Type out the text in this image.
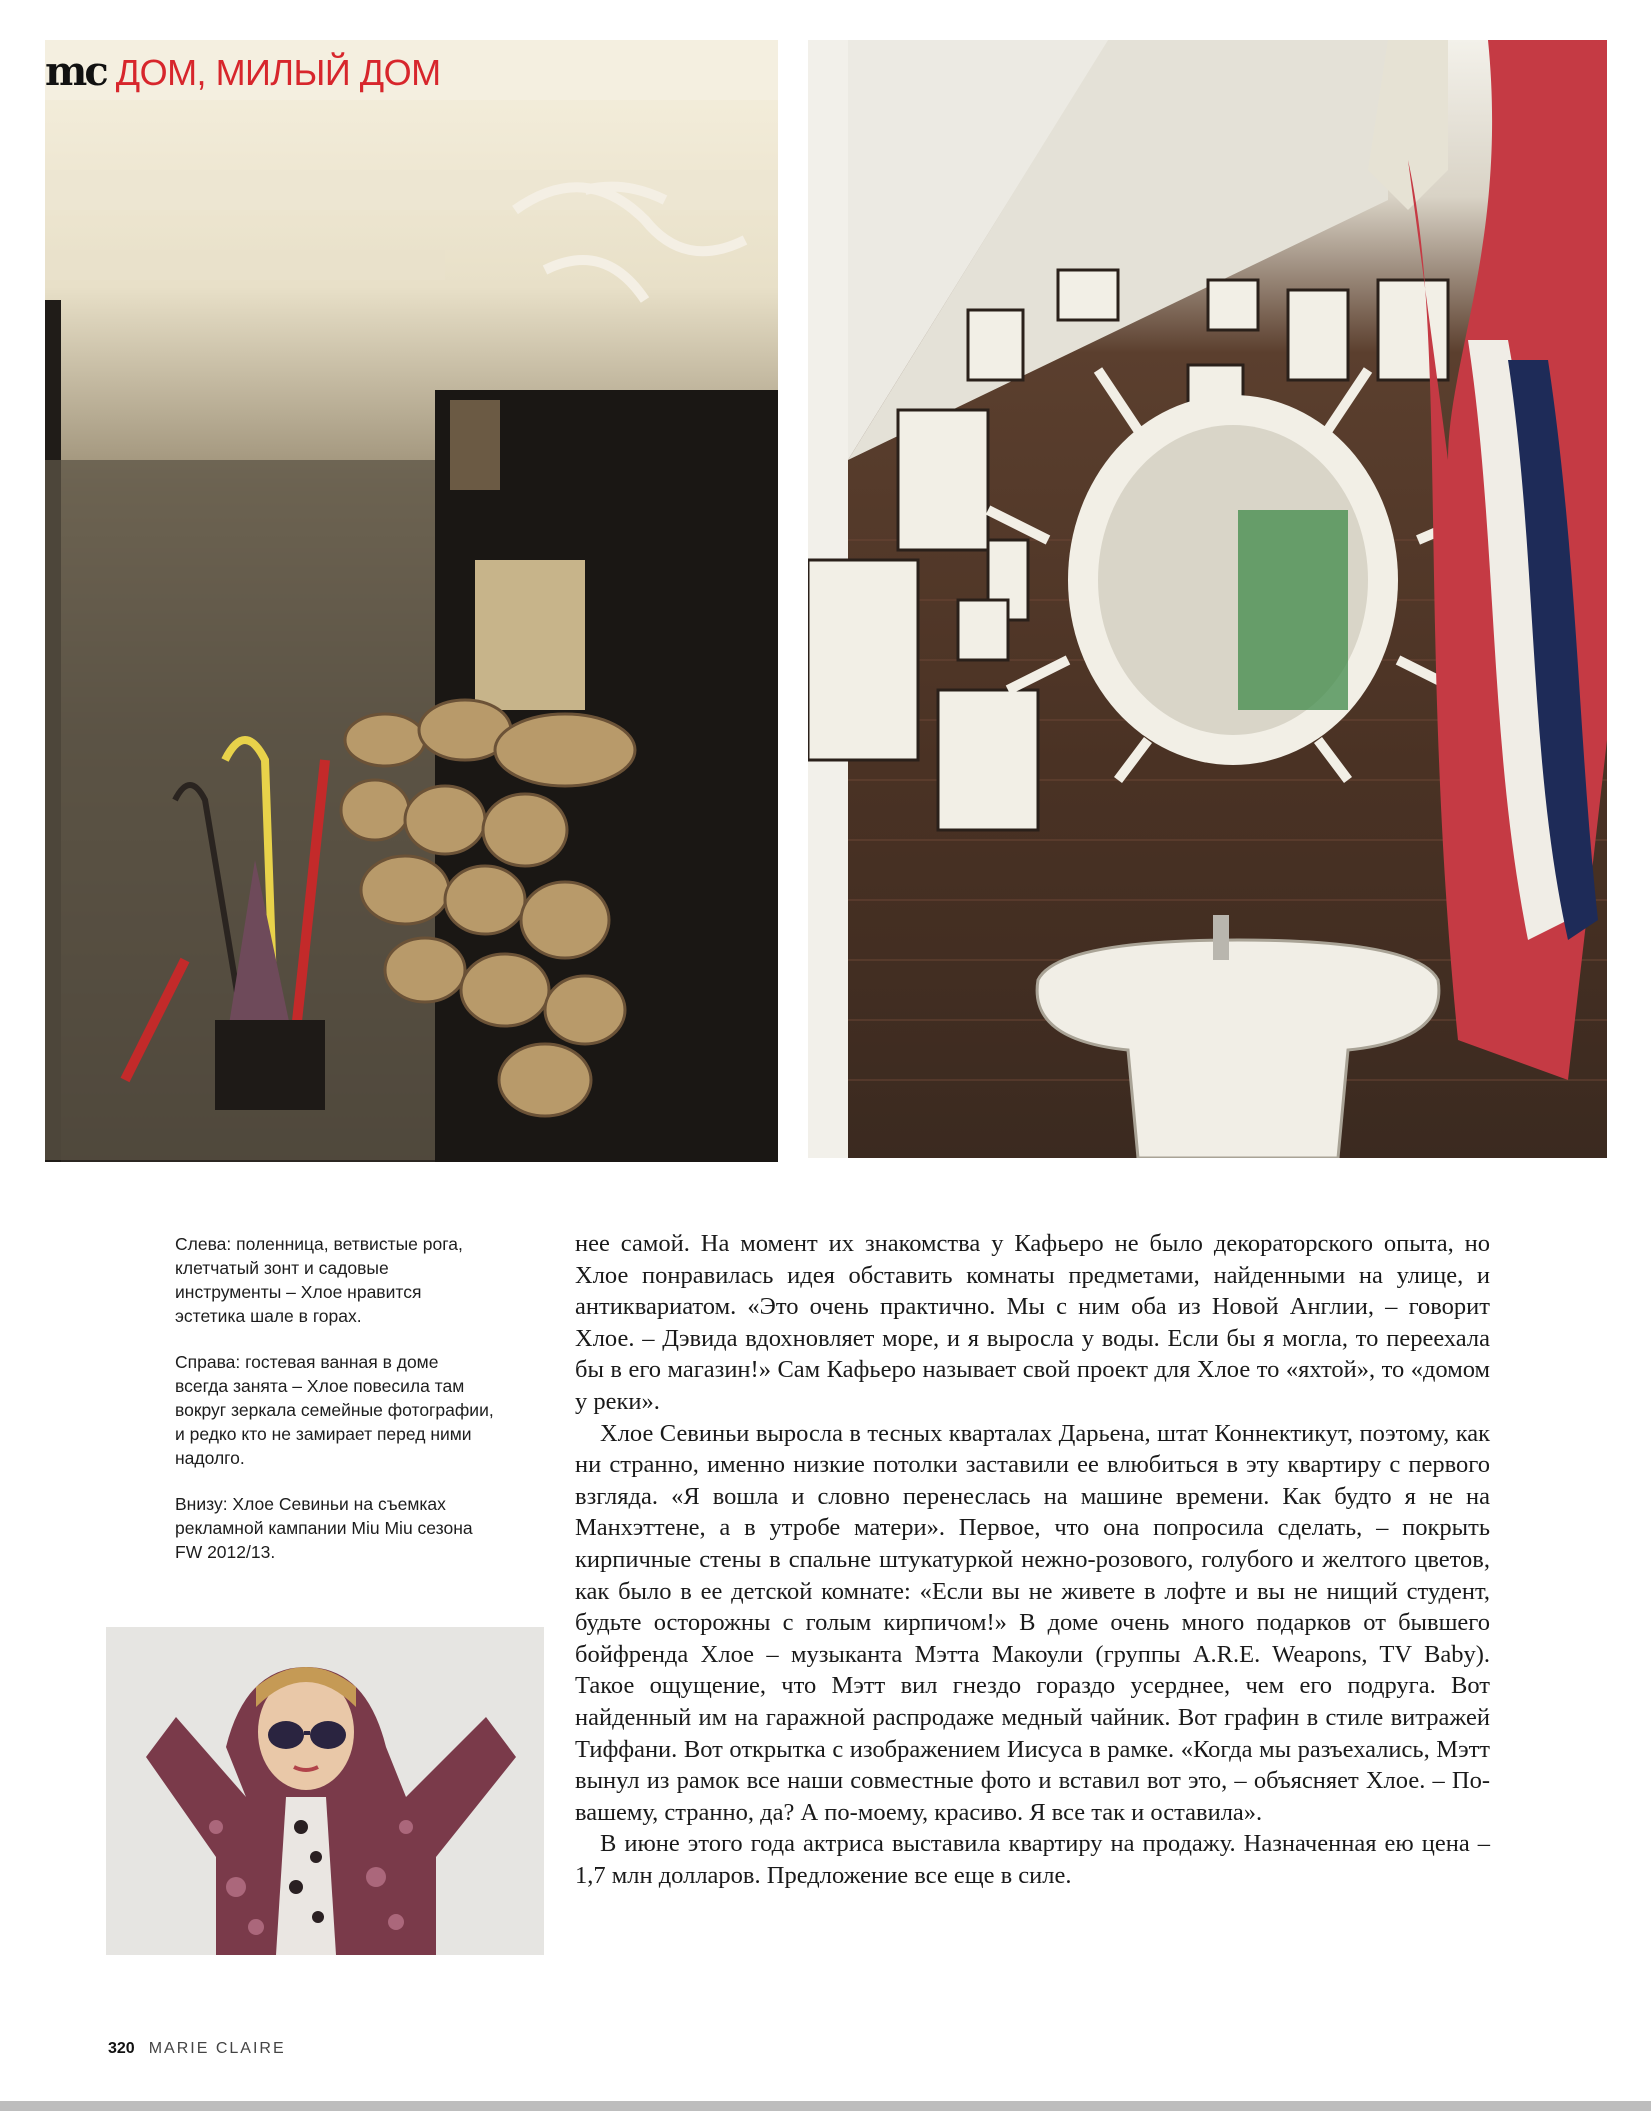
mc ДОМ, МИЛЫЙ ДОМ

Слева: поленница, ветвистые рога, клетчатый зонт и садовые инструменты – Хлое нравится эстетика шале в горах.

Справа: гостевая ванная в доме всегда занята – Хлое повесила там вокруг зеркала семейные фотографии, и редко кто не замирает перед ними надолго.

Внизу: Хлое Севиньи на съемках рекламной кампании Miu Miu сезона FW 2012/13.

нее самой. На момент их знакомства у Кафьеро не было декораторского опыта, но Хлое понравилась идея обставить комнаты предметами, найденными на улице, и антиквариатом. «Это очень практично. Мы с ним оба из Новой Англии, – говорит Хлое. – Дэвида вдохновляет море, и я выросла у воды. Если бы я могла, то переехала бы в его магазин!» Сам Кафьеро называет свой проект для Хлое то «яхтой», то «домом у реки».

Хлое Севиньи выросла в тесных кварталах Дарьена, штат Коннектикут, поэтому, как ни странно, именно низкие потолки заставили ее влюбиться в эту квартиру с первого взгляда. «Я вошла и словно перенеслась на машине времени. Как будто я не на Манхэттене, а в утробе матери». Первое, что она попросила сделать, – покрыть кирпичные стены в спальне штукатуркой нежно-розового, голубого и желтого цветов, как было в ее детской комнате: «Если вы не живете в лофте и вы не нищий студент, будьте осторожны с голым кирпичом!» В доме очень много подарков от бывшего бойфренда Хлое – музыканта Мэтта Макоули (группы A.R.E. Weapons, TV Baby). Такое ощущение, что Мэтт вил гнездо гораздо усерднее, чем его подруга. Вот найденный им на гаражной распродаже медный чайник. Вот графин в стиле витражей Тиффани. Вот открытка с изображением Иисуса в рамке. «Когда мы разъехались, Мэтт вынул из рамок все наши совместные фото и вставил вот это, – объясняет Хлое. – По-вашему, странно, да? А по-моему, красиво. Я все так и оставила».

В июне этого года актриса выставила квартиру на продажу. Назначенная ею цена – 1,7 млн долларов. Предложение все еще в силе.

320 MARIE CLAIRE
